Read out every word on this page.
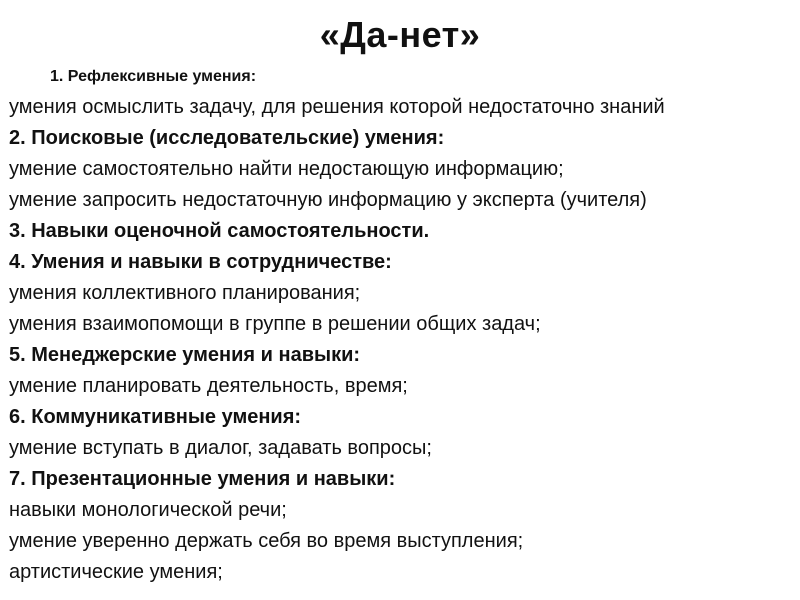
«Да-нет»
1. Рефлексивные умения:
умения осмыслить задачу, для решения которой недостаточно знаний
2. Поисковые (исследовательские) умения:
умение самостоятельно найти недостающую информацию;
умение запросить недостаточную информацию у эксперта (учителя)
3. Навыки оценочной самостоятельности.
4. Умения и навыки в сотрудничестве:
умения коллективного планирования;
умения взаимопомощи в группе в решении общих задач;
5. Менеджерские умения и навыки:
умение планировать деятельность, время;
6. Коммуникативные умения:
умение вступать в диалог, задавать вопросы;
7. Презентационные умения и навыки:
навыки монологической речи;
умение уверенно держать себя во время выступления;
артистические умения;
